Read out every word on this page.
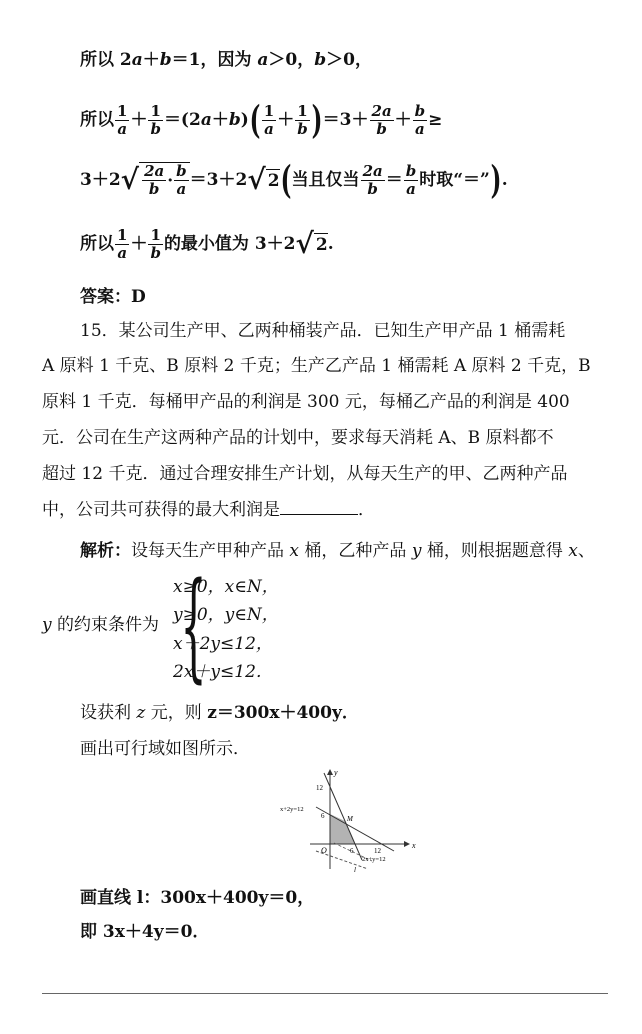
所以 2a＋b＝1，因为 a＞0，b＞0，
所以 $\frac{1}{a} + \frac{1}{b} =(2$ a ＋ b ) ( $\frac{1}{a} + \frac{1}{b}$ ) $=3+ \frac{2a}{b} + \frac{b}{a}$ ≥
3＋2 √ $\frac{2a}{b} \cdot \frac{b}{a} =3+2$ √ 2 ( 当且仅当 $\frac{2a}{b} = \frac{b}{a}$ 时取“＝” ) .
所以 $\frac{1}{a} + \frac{1}{b}$ 的最小值为 3＋2 √ 2 .
答案：D
15．某公司生产甲、乙两种桶装产品．已知生产甲产品 1 桶需耗
A 原料 1 千克、B 原料 2 千克；生产乙产品 1 桶需耗 A 原料 2 千克，B
原料 1 千克．每桶甲产品的利润是 300 元，每桶乙产品的利润是 400
元．公司在生产这两种产品的计划中，要求每天消耗 A、B 原料都不
超过 12 千克．通过合理安排生产计划，从每天生产的甲、乙两种产品
中，公司共可获得的最大利润是	．
解析：设每天生产甲种产品 x 桶，乙种产品 y 桶，则根据题意得 x、
y 的约束条件为 {
x≥0，x∈N，
y≥0，y∈N，
x＋2y≤12，
2x＋y≤12．
设获利 z 元，则 z＝300x＋400y．
画出可行域如图所示．
y
x
O
12
6
6	12
x+2y=12
2x+y=12
M
l
画直线 l：300x＋400y＝0，
即 3x＋4y＝0．
